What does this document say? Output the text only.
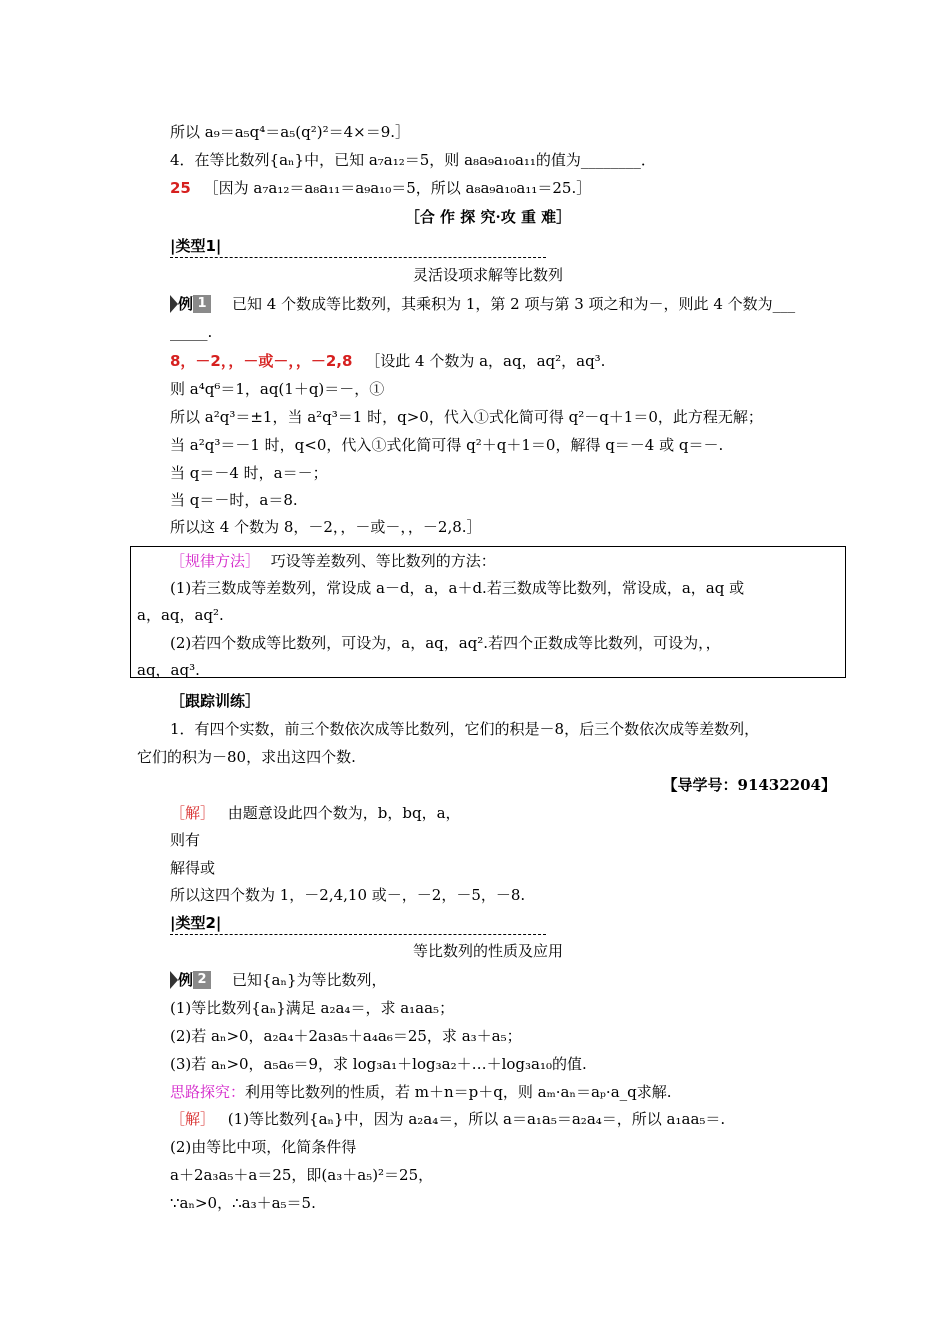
所以 a₉＝a₅q⁴＝a₅(q²)²＝4×＝9.］
4．在等比数列{aₙ}中，已知 a₇a₁₂＝5，则 a₈a₉a₁₀a₁₁的值为________．
25 ［因为 a₇a₁₂＝a₈a₁₁＝a₉a₁₀＝5，所以 a₈a₉a₁₀a₁₁＝25.］
［合 作 探 究·攻 重 难］
|类型1|
灵活设项求解等比数列
例 1 已知 4 个数成等比数列，其乘积为 1，第 2 项与第 3 项之和为－，则此 4 个数为___
_____.
8，－2，，－或－，，－2,8 ［设此 4 个数为 a，aq，aq²，aq³.
则 a⁴q⁶＝1，aq(1＋q)＝－，①
所以 a²q³＝±1，当 a²q³＝1 时，q>0，代入①式化简可得 q²－q＋1＝0，此方程无解；
当 a²q³＝－1 时，q<0，代入①式化简可得 q²＋q＋1＝0，解得 q＝－4 或 q＝－.
当 q＝－4 时，a＝－；
当 q＝－时，a＝8.
所以这 4 个数为 8，－2，，－或－，，－2,8.］
［规律方法］ 巧设等差数列、等比数列的方法：
(1)若三数成等差数列，常设成 a－d，a，a＋d.若三数成等比数列，常设成，a，aq 或
a，aq，aq².
(2)若四个数成等比数列，可设为，a，aq，aq².若四个正数成等比数列，可设为，，
aq，aq³.
［跟踪训练］
1．有四个实数，前三个数依次成等比数列，它们的积是－8，后三个数依次成等差数列，
它们的积为－80，求出这四个数.
【导学号：91432204】
［解］ 由题意设此四个数为，b，bq，a，
则有
解得或
所以这四个数为 1，－2,4,10 或－，－2，－5，－8.
|类型2|
等比数列的性质及应用
例 2 已知{aₙ}为等比数列，
(1)等比数列{aₙ}满足 a₂a₄＝，求 a₁aa₅；
(2)若 aₙ>0，a₂a₄＋2a₃a₅＋a₄a₆＝25，求 a₃＋a₅；
(3)若 aₙ>0，a₅a₆＝9，求 log₃a₁＋log₃a₂＋…＋log₃a₁₀的值.
思路探究：利用等比数列的性质，若 m＋n＝p＋q，则 aₘ·aₙ＝aₚ·a_q求解.
［解］ (1)等比数列{aₙ}中，因为 a₂a₄＝，所以 a＝a₁a₅＝a₂a₄＝，所以 a₁aa₅＝.
(2)由等比中项，化简条件得
a＋2a₃a₅＋a＝25，即(a₃＋a₅)²＝25，
∵aₙ>0，∴a₃＋a₅＝5.
